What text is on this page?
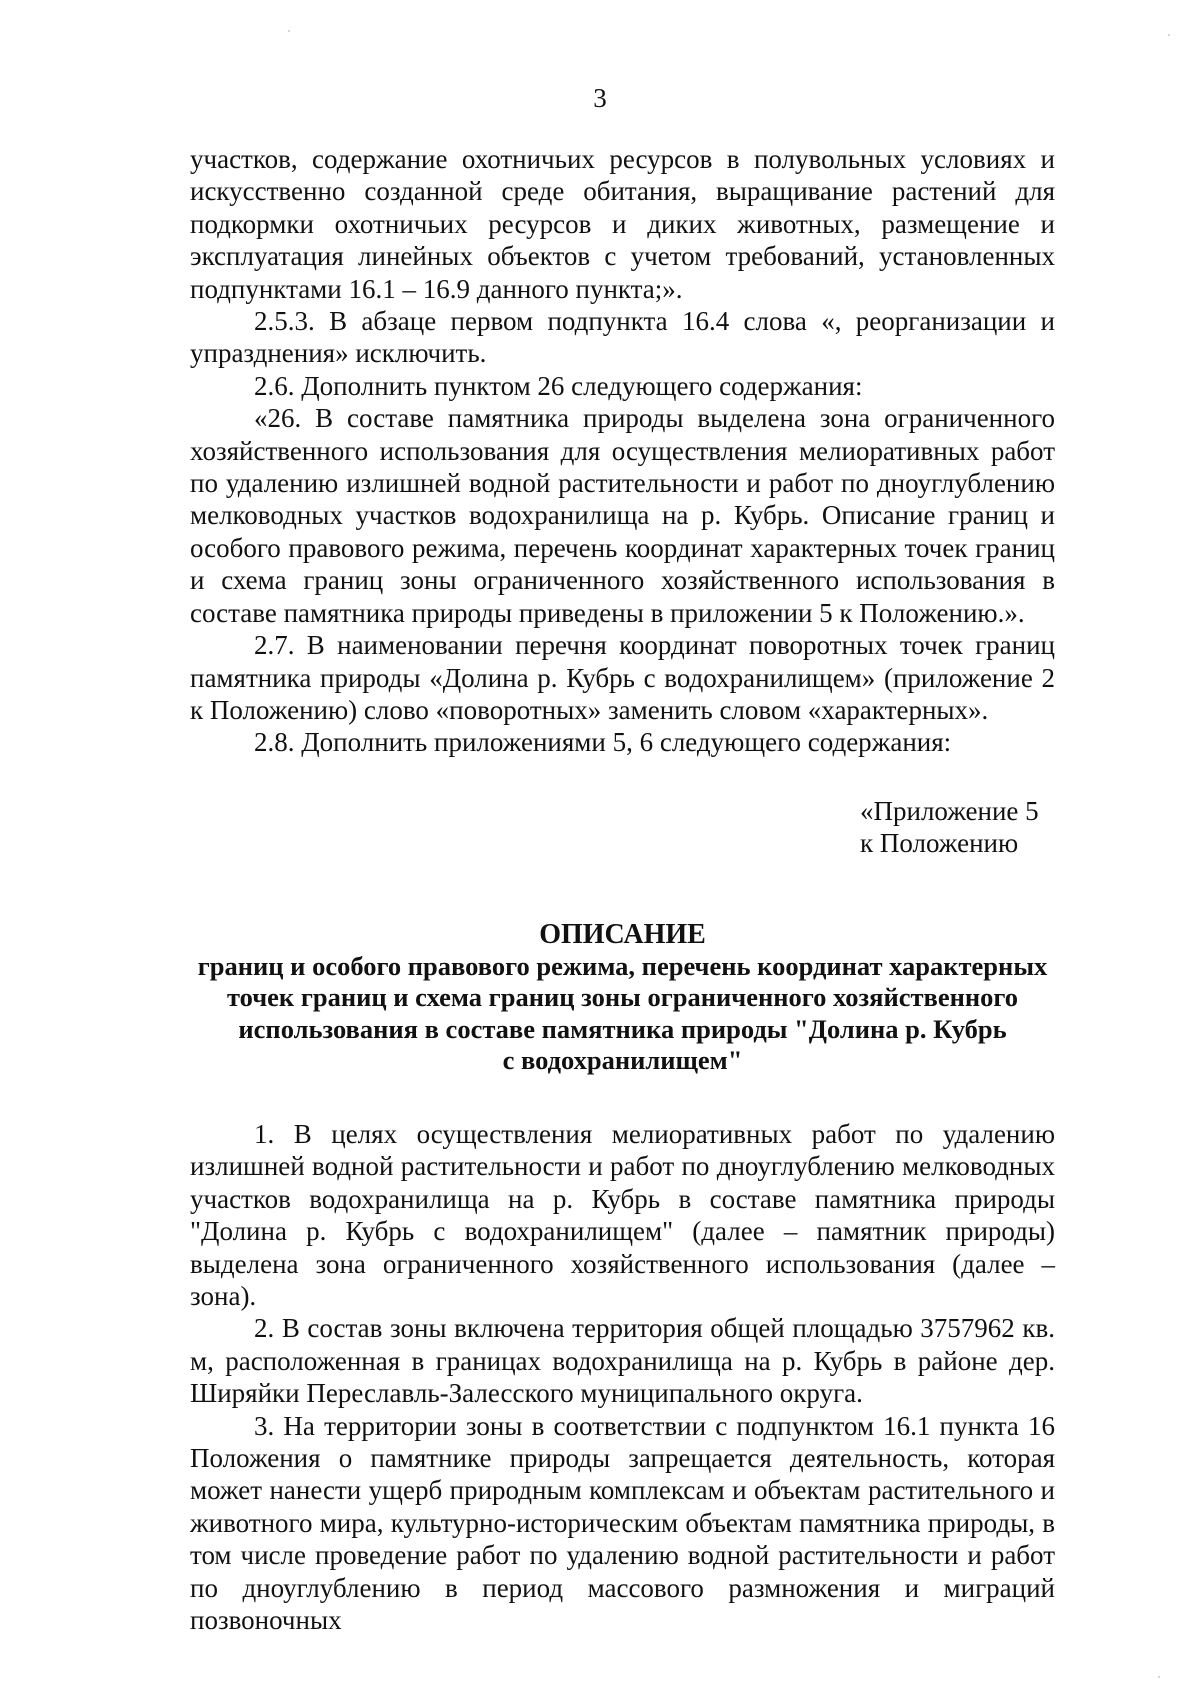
3

участков, содержание охотничьих ресурсов в полувольных условиях и искусственно созданной среде обитания, выращивание растений для подкормки охотничьих ресурсов и диких животных, размещение и эксплуатация линейных объектов с учетом требований, установленных подпунктами 16.1 – 16.9 данного пункта;».

2.5.3. В абзаце первом подпункта 16.4 слова «, реорганизации и упразднения» исключить.

2.6. Дополнить пунктом 26 следующего содержания:

«26. В составе памятника природы выделена зона ограниченного хозяйственного использования для осуществления мелиоративных работ по удалению излишней водной растительности и работ по дноуглублению мелководных участков водохранилища на р. Кубрь. Описание границ и особого правового режима, перечень координат характерных точек границ и схема границ зоны ограниченного хозяйственного использования в составе памятника природы приведены в приложении 5 к Положению.».

2.7. В наименовании перечня координат поворотных точек границ памятника природы «Долина р. Кубрь с водохранилищем» (приложение 2 к Положению) слово «поворотных» заменить словом «характерных».

2.8. Дополнить приложениями 5, 6 следующего содержания:

«Приложение 5
к Положению
ОПИСАНИЕ
границ и особого правового режима, перечень координат характерных
точек границ и схема границ зоны ограниченного хозяйственного
использования в составе памятника природы "Долина р. Кубрь
с водохранилищем"

1. В целях осуществления мелиоративных работ по удалению излишней водной растительности и работ по дноуглублению мелководных участков водохранилища на р. Кубрь в составе памятника природы "Долина р. Кубрь с водохранилищем" (далее – памятник природы) выделена зона ограниченного хозяйственного использования (далее – зона).

2. В состав зоны включена территория общей площадью 3757962 кв. м, расположенная в границах водохранилища на р. Кубрь в районе дер. Ширяйки Переславль-Залесского муниципального округа.

3. На территории зоны в соответствии с подпунктом 16.1 пункта 16 Положения о памятнике природы запрещается деятельность, которая может нанести ущерб природным комплексам и объектам растительного и животного мира, культурно-историческим объектам памятника природы, в том числе проведение работ по удалению водной растительности и работ по дноуглублению в период массового размножения и миграций позвоночных
